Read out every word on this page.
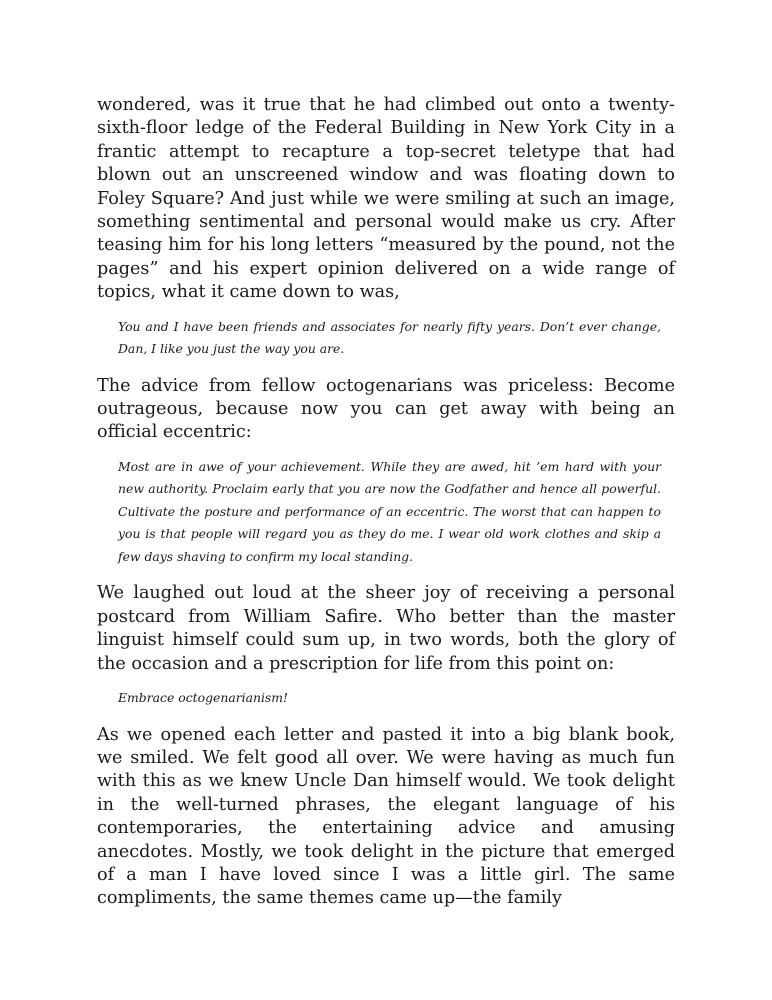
wondered, was it true that he had climbed out onto a twenty-sixth-floor ledge of the Federal Building in New York City in a frantic attempt to recapture a top-secret teletype that had blown out an unscreened window and was floating down to Foley Square? And just while we were smiling at such an image, something sentimental and personal would make us cry. After teasing him for his long letters “measured by the pound, not the pages” and his expert opinion delivered on a wide range of topics, what it came down to was,

You and I have been friends and associates for nearly fifty years. Don’t ever change, Dan, I like you just the way you are.

The advice from fellow octogenarians was priceless: Become outrageous, because now you can get away with being an official eccentric:

Most are in awe of your achievement. While they are awed, hit ’em hard with your new authority. Proclaim early that you are now the Godfather and hence all powerful. Cultivate the posture and performance of an eccentric. The worst that can happen to you is that people will regard you as they do me. I wear old work clothes and skip a few days shaving to confirm my local standing.

We laughed out loud at the sheer joy of receiving a personal postcard from William Safire. Who better than the master linguist himself could sum up, in two words, both the glory of the occasion and a prescription for life from this point on:

Embrace octogenarianism!

As we opened each letter and pasted it into a big blank book, we smiled. We felt good all over. We were having as much fun with this as we knew Uncle Dan himself would. We took delight in the well-turned phrases, the elegant language of his contemporaries, the entertaining advice and amusing anecdotes. Mostly, we took delight in the picture that emerged of a man I have loved since I was a little girl. The same compliments, the same themes came up—the family
